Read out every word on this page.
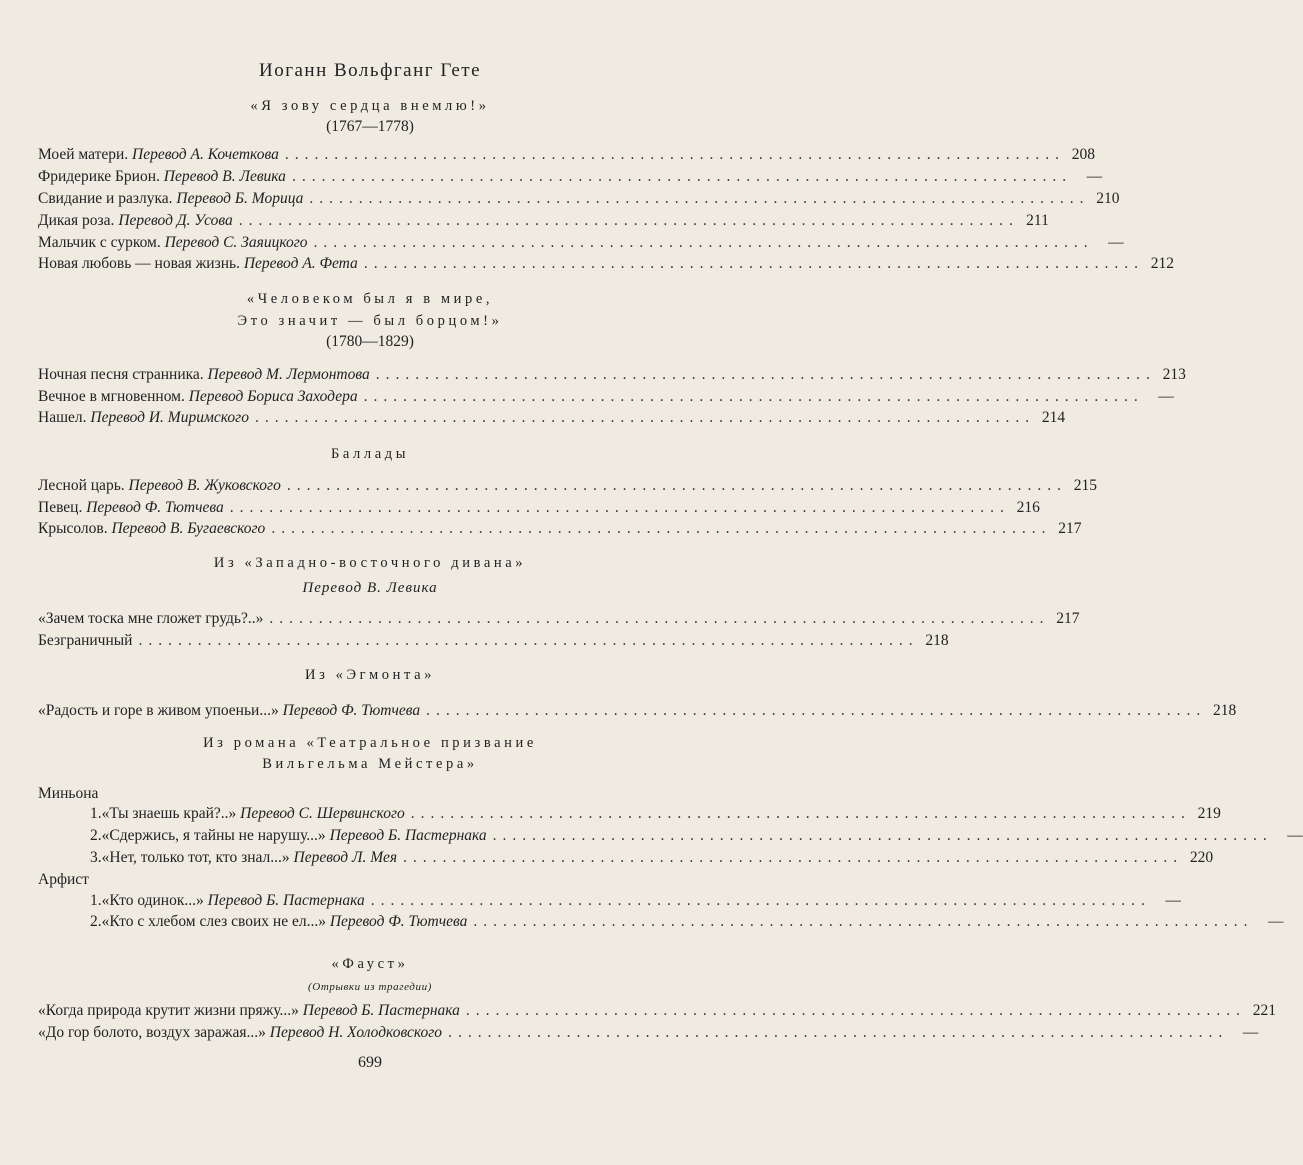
Иоганн Вольфганг Гете
«Я зову сердца внемлю!»
(1767—1778)
Моей матери.
Перевод А. Кочеткова ............................................................................... 208
Фридерике Брион.
Перевод В. Левика ............................................................................... —
Свидание и разлука.
Перевод Б. Морица ............................................................................... 210
Дикая роза.
Перевод Д. Усова ............................................................................... 211
Мальчик с сурком.
Перевод С. Заяицкого ............................................................................... —
Новая любовь — новая жизнь.
Перевод А. Фета ............................................................................... 212
«Человеком был я в мире,
Это значит — был борцом!»
(1780—1829)
Ночная песня странника.
Перевод М. Лермонтова ............................................................................... 213
Вечное в мгновенном.
Перевод Бориса Заходера ............................................................................... —
Нашел.
Перевод И. Миримского ............................................................................... 214
Баллады
Лесной царь.
Перевод В. Жуковского ............................................................................... 215
Певец.
Перевод Ф. Тютчева ............................................................................... 216
Крысолов.
Перевод В. Бугаевского ............................................................................... 217
Из «Западно-восточного дивана»
Перевод В. Левика
«Зачем тоска мне гложет грудь?..» ............................................................................... 217
Безграничный ............................................................................... 218
Из «Эгмонта»
«Радость и горе в живом упоеньи...»
Перевод Ф. Тютчева ............................................................................... 218
Из романа «Театральное призвание
Вильгельма Мейстера»
Миньона
1. «Ты знаешь край?..»
Перевод С. Шервинского ............................................................................... 219
2. «Сдержись, я тайны не нарушу...»
Перевод Б. Пастернака ............................................................................... —
3. «Нет, только тот, кто знал...»
Перевод Л. Мея ............................................................................... 220
Арфист
1. «Кто одинок...»
Перевод Б. Пастернака ............................................................................... —
2. «Кто с хлебом слез своих не ел...»
Перевод Ф. Тютчева ............................................................................... —
«Фауст»
(Отрывки из трагедии)
«Когда природа крутит жизни пряжу...»
Перевод Б. Пастернака ............................................................................... 221
«До гор болото, воздух заражая...»
Перевод Н. Холодковского ............................................................................... —
699
